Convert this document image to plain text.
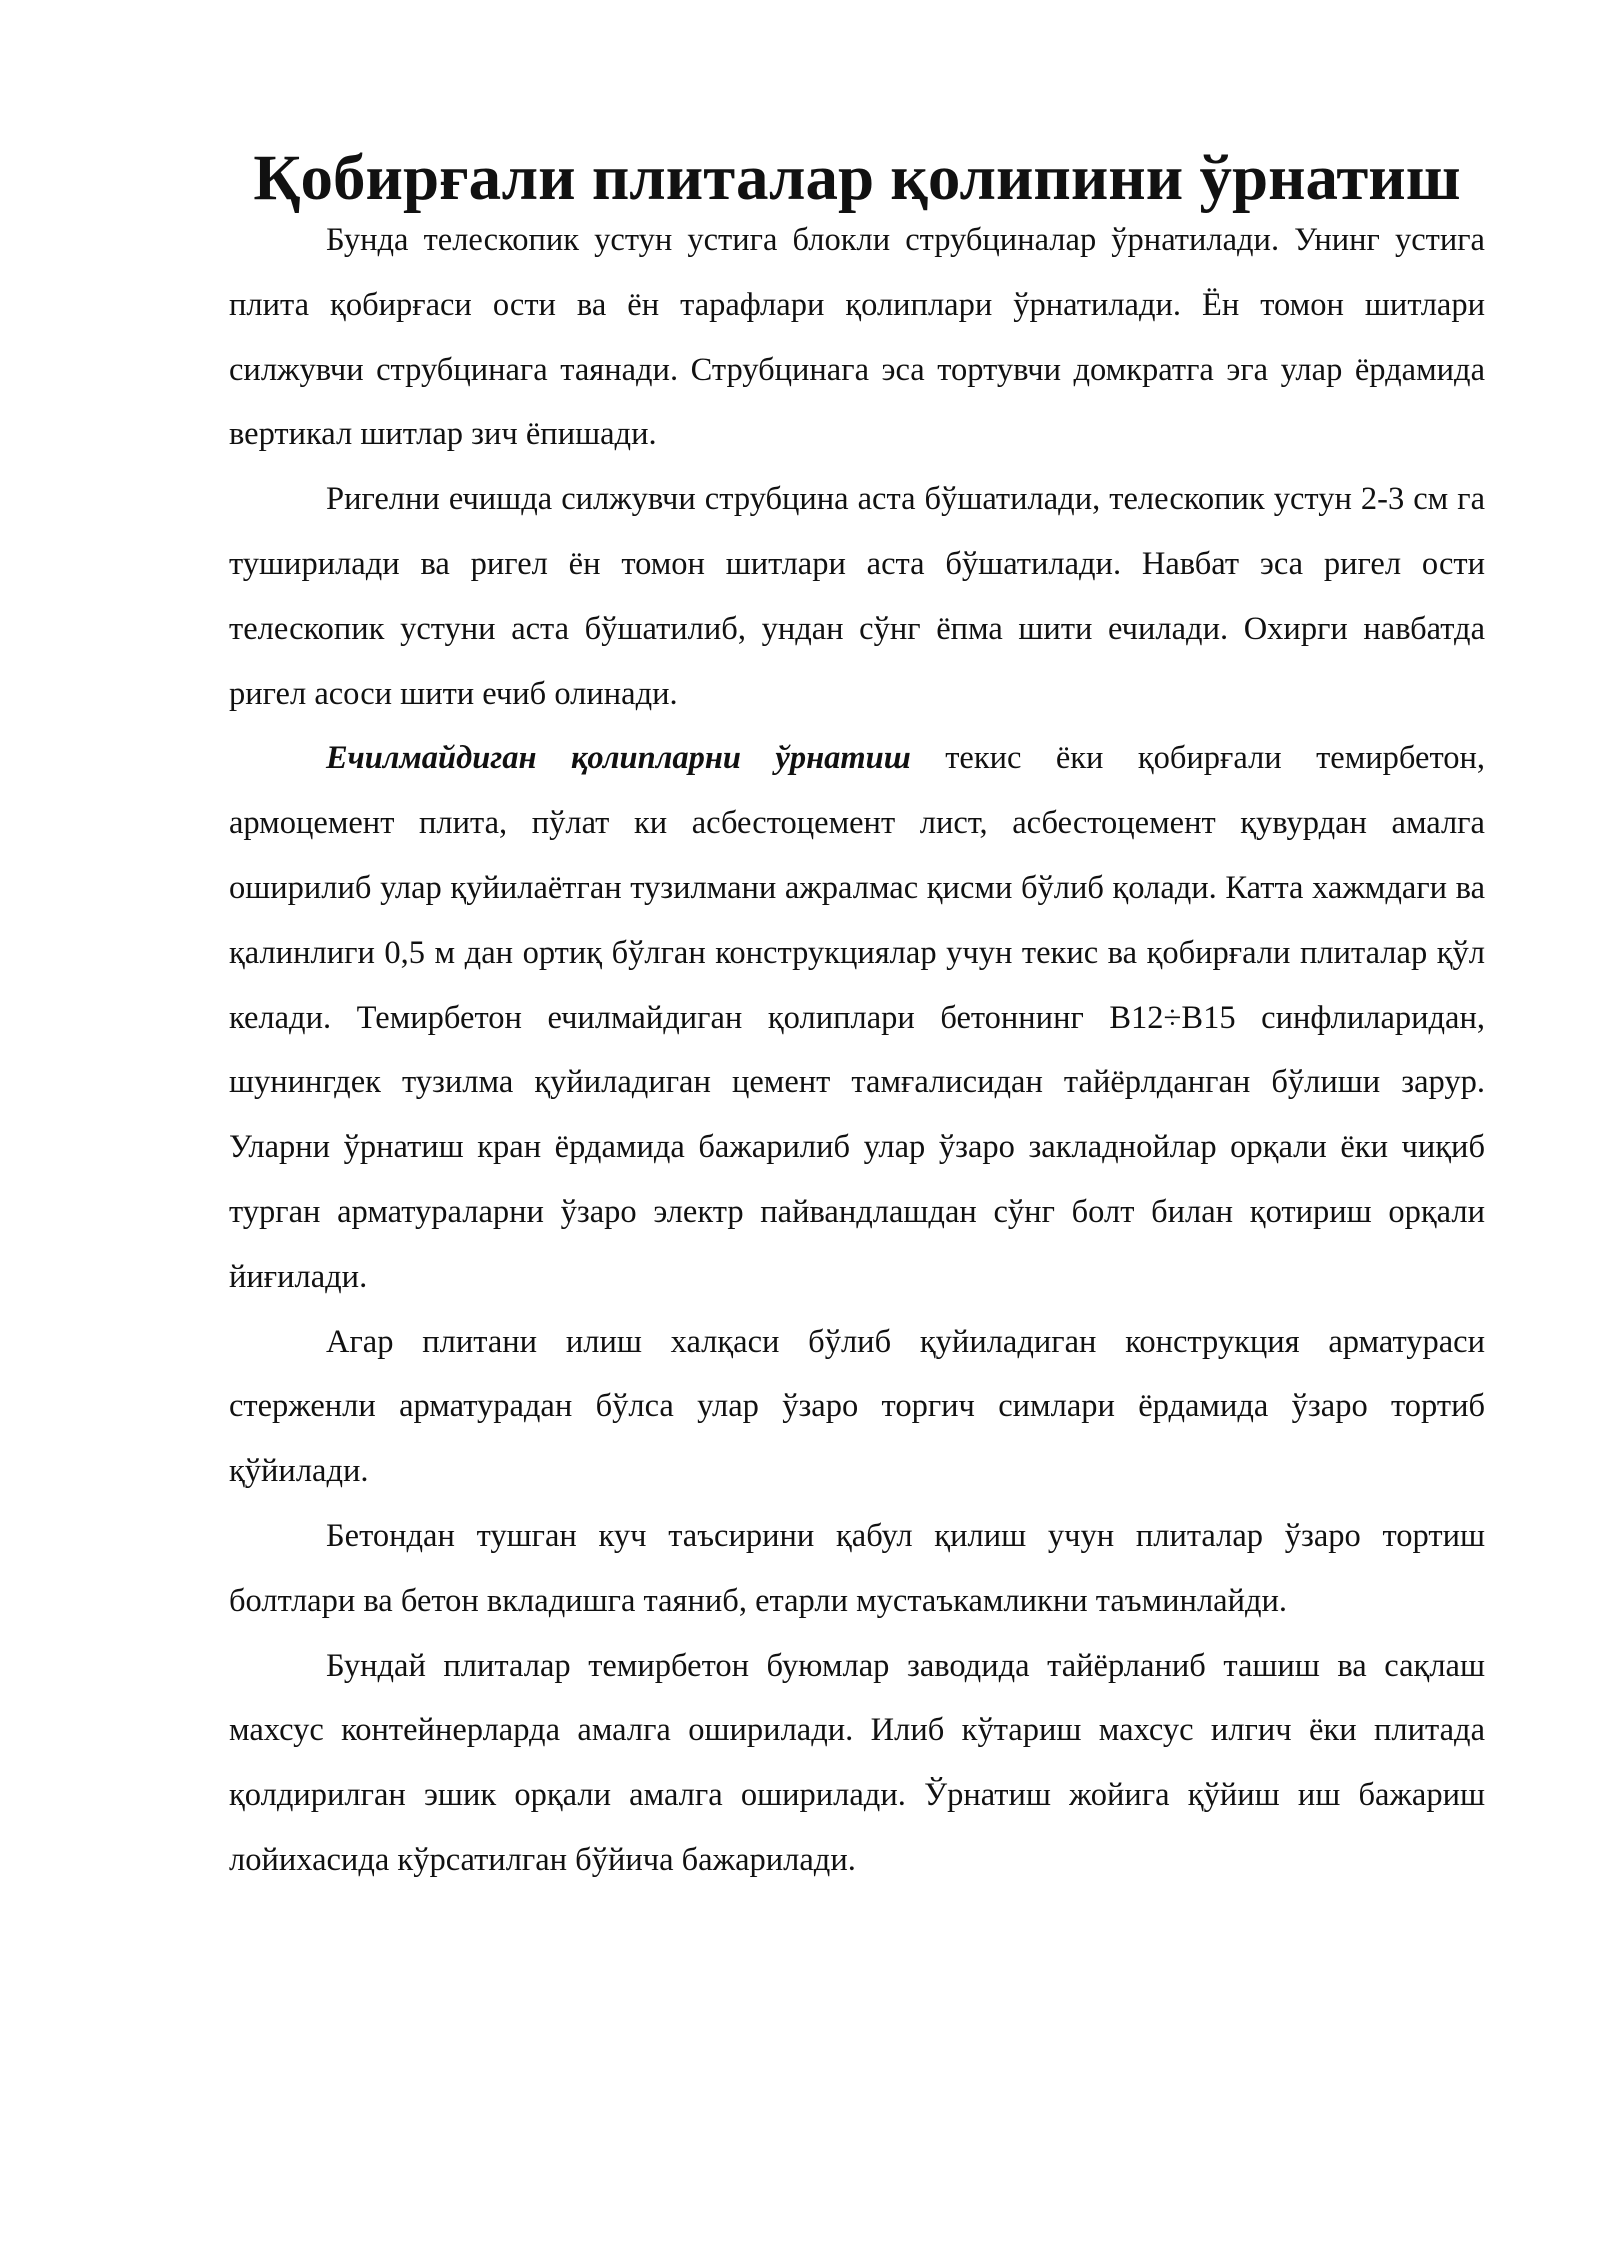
Қобирғали плиталар қолипини ўрнатиш

Бунда телескопик устун устига блокли струбциналар ўрнатилади. Унинг устига плита қобирғаси ости ва ён тарафлари қолиплари ўрнатилади. Ён томон шитлари силжувчи струбцинага таянади. Струбцинага эса тортувчи домкратга эга улар ёрдамида вертикал шитлар зич ёпишади.

Ригелни ечишда силжувчи струбцина аста бўшатилади, телескопик устун 2-3 см га туширилади ва ригел ён томон шитлари аста бўшатилади. Навбат эса ригел ости телескопик устуни аста бўшатилиб, ундан сўнг ёпма шити ечилади. Охирги навбатда ригел асоси шити ечиб олинади.

Ечилмайдиган қолипларни ўрнатиш текис ёки қобирғали темирбетон, армоцемент плита, пўлат ки асбестоцемент лист, асбестоцемент қувурдан амалга оширилиб улар қуйилаётган тузилмани ажралмас қисми бўлиб қолади. Катта хажмдаги ва қалинлиги 0,5 м дан ортиқ бўлган конструкциялар учун текис ва қобирғали плиталар қўл келади. Темирбетон ечилмайдиган қолиплари бетоннинг В12÷В15 синфлиларидан, шунингдек тузилма қуйиладиган цемент тамғалисидан тайёрлданган бўлиши зарур. Уларни ўрнатиш кран ёрдамида бажарилиб улар ўзаро закладнойлар орқали ёки чиқиб турган арматураларни ўзаро электр пайвандлашдан сўнг болт билан қотириш орқали йиғилади.

Агар плитани илиш халқаси бўлиб қуйиладиган конструкция арматураси стерженли арматурадан бўлса улар ўзаро торгич симлари ёрдамида ўзаро тортиб қўйилади.

Бетондан тушган куч таъсирини қабул қилиш учун плиталар ўзаро тортиш болтлари ва бетон вкладишга таяниб, етарли мустаъкамликни таъминлайди.

Бундай плиталар темирбетон буюмлар заводида тайёрланиб ташиш ва сақлаш махсус контейнерларда амалга оширилади. Илиб кўтариш махсус илгич ёки плитада қолдирилган эшик орқали амалга оширилади. Ўрнатиш жойига қўйиш иш бажариш лойихасида кўрсатилган бўйича бажарилади.
